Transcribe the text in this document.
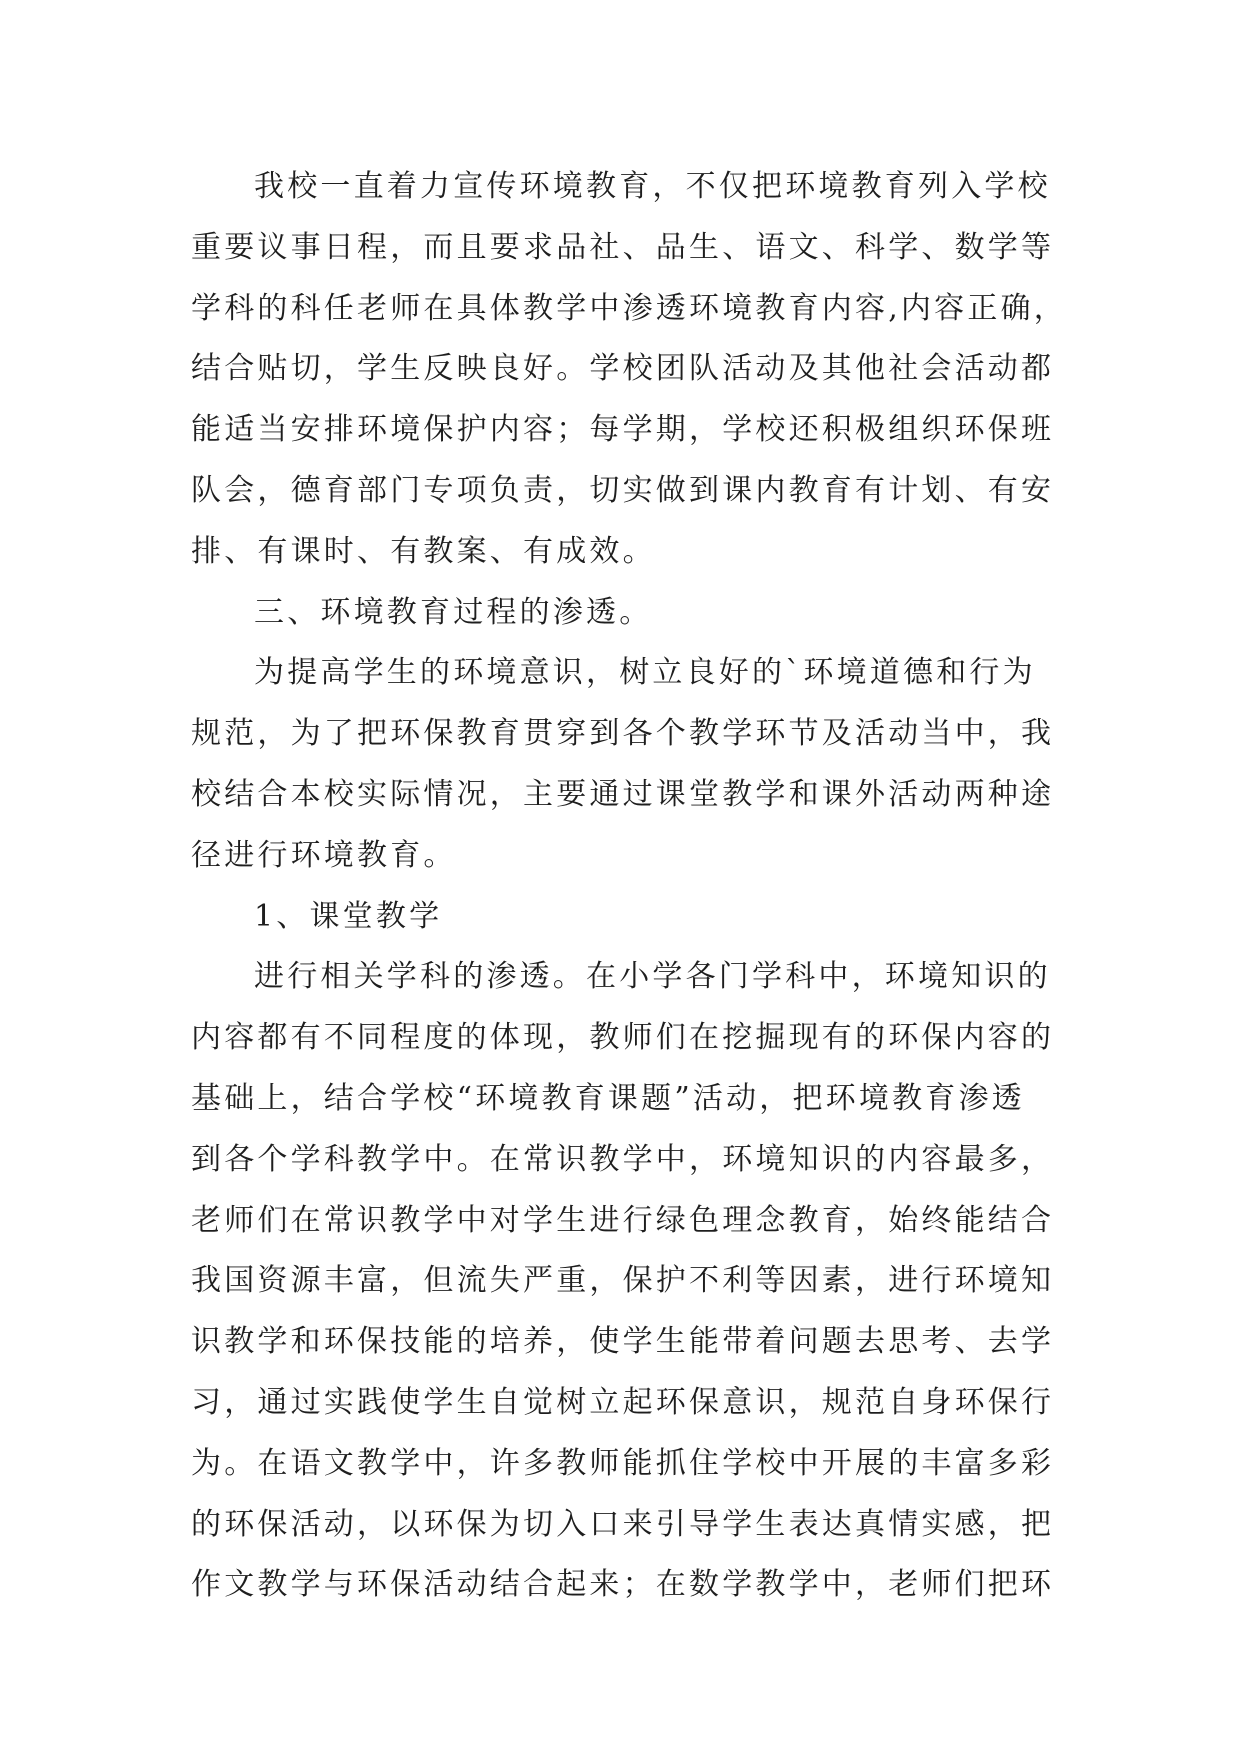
我校一直着力宣传环境教育，不仅把环境教育列入学校
重要议事日程，而且要求品社、品生、语文、科学、数学等
学科的科任老师在具体教学中渗透环境教育内容,内容正确，
结合贴切，学生反映良好。学校团队活动及其他社会活动都
能适当安排环境保护内容；每学期，学校还积极组织环保班
队会，德育部门专项负责，切实做到课内教育有计划、有安
排、有课时、有教案、有成效。
三、环境教育过程的渗透。
为提高学生的环境意识，树立良好的`环境道德和行为
规范，为了把环保教育贯穿到各个教学环节及活动当中，我
校结合本校实际情况，主要通过课堂教学和课外活动两种途
径进行环境教育。
1、课堂教学
进行相关学科的渗透。在小学各门学科中，环境知识的
内容都有不同程度的体现，教师们在挖掘现有的环保内容的
基础上，结合学校“环境教育课题”活动，把环境教育渗透
到各个学科教学中。在常识教学中，环境知识的内容最多，
老师们在常识教学中对学生进行绿色理念教育，始终能结合
我国资源丰富，但流失严重，保护不利等因素，进行环境知
识教学和环保技能的培养，使学生能带着问题去思考、去学
习，通过实践使学生自觉树立起环保意识，规范自身环保行
为。在语文教学中，许多教师能抓住学校中开展的丰富多彩
的环保活动，以环保为切入口来引导学生表达真情实感，把
作文教学与环保活动结合起来；在数学教学中，老师们把环
